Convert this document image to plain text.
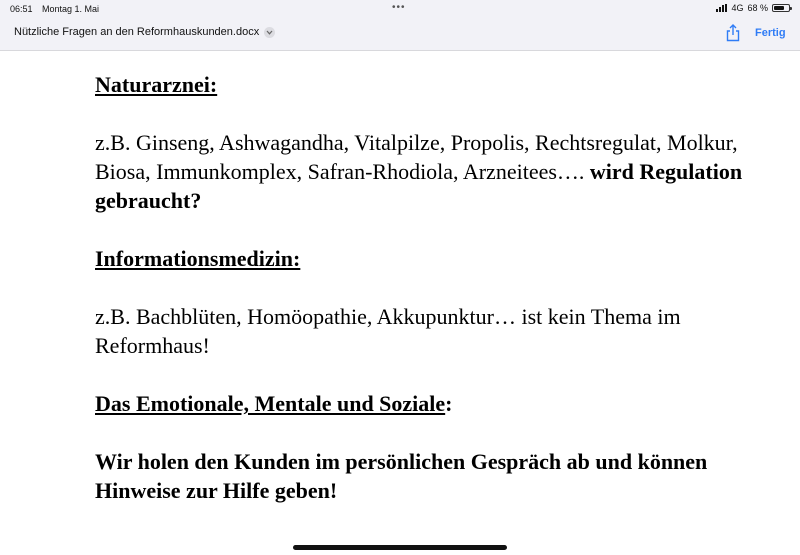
06:51 Montag 1. Mai	•••	4G 68 %
Nützliche Fragen an den Reformhauskunden.docx	Fertig

Naturarznei:

z.B. Ginseng, Ashwagandha, Vitalpilze, Propolis, Rechtsregulat, Molkur, Biosa, Immunkomplex, Safran-Rhodiola, Arzneitees…. wird Regulation gebraucht?

Informationsmedizin:

z.B. Bachblüten, Homöopathie, Akkupunktur… ist kein Thema im Reformhaus!

Das Emotionale, Mentale und Soziale:

Wir holen den Kunden im persönlichen Gespräch ab und können Hinweise zur Hilfe geben!
